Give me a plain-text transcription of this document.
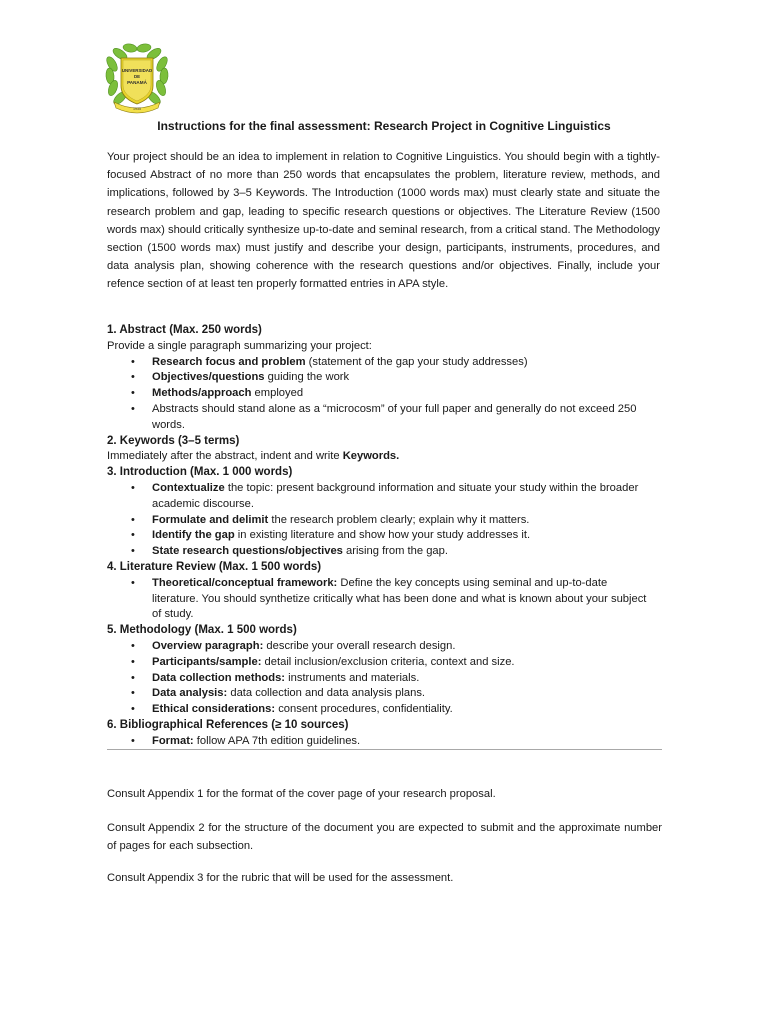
UNIVERSIDAD
DE
PANAMÁ
1935
Instructions for the final assessment: Research Project in Cognitive Linguistics
Your project should be an idea to implement in relation to Cognitive Linguistics. You should begin with a tightly-focused Abstract of no more than 250 words that encapsulates the problem, literature review, methods, and implications, followed by 3–5 Keywords. The Introduction (1000 words max) must clearly state and situate the research problem and gap, leading to specific research questions or objectives. The Literature Review (1500 words max) should critically synthesize up-to-date and seminal research, from a critical stand. The Methodology section (1500 words max) must justify and describe your design, participants, instruments, procedures, and data analysis plan, showing coherence with the research questions and/or objectives. Finally, include your refence section of at least ten properly formatted entries in APA style.
1. Abstract (Max. 250 words)
Provide a single paragraph summarizing your project:
• Research focus and problem (statement of the gap your study addresses)
• Objectives/questions guiding the work
• Methods/approach employed
• Abstracts should stand alone as a “microcosm” of your full paper and generally do not exceed 250 words.
2. Keywords (3–5 terms)
Immediately after the abstract, indent and write Keywords.
3. Introduction (Max. 1 000 words)
• Contextualize the topic: present background information and situate your study within the broader academic discourse.
• Formulate and delimit the research problem clearly; explain why it matters.
• Identify the gap in existing literature and show how your study addresses it.
• State research questions/objectives arising from the gap.
4. Literature Review (Max. 1 500 words)
• Theoretical/conceptual framework: Define the key concepts using seminal and up-to-date literature. You should synthetize critically what has been done and what is known about your subject of study.
5. Methodology (Max. 1 500 words)
• Overview paragraph: describe your overall research design.
• Participants/sample: detail inclusion/exclusion criteria, context and size.
• Data collection methods: instruments and materials.
• Data analysis: data collection and data analysis plans.
• Ethical considerations: consent procedures, confidentiality.
6. Bibliographical References (≥ 10 sources)
• Format: follow APA 7th edition guidelines.

Consult Appendix 1 for the format of the cover page of your research proposal.

Consult Appendix 2 for the structure of the document you are expected to submit and the approximate number of pages for each subsection.

Consult Appendix 3 for the rubric that will be used for the assessment.
